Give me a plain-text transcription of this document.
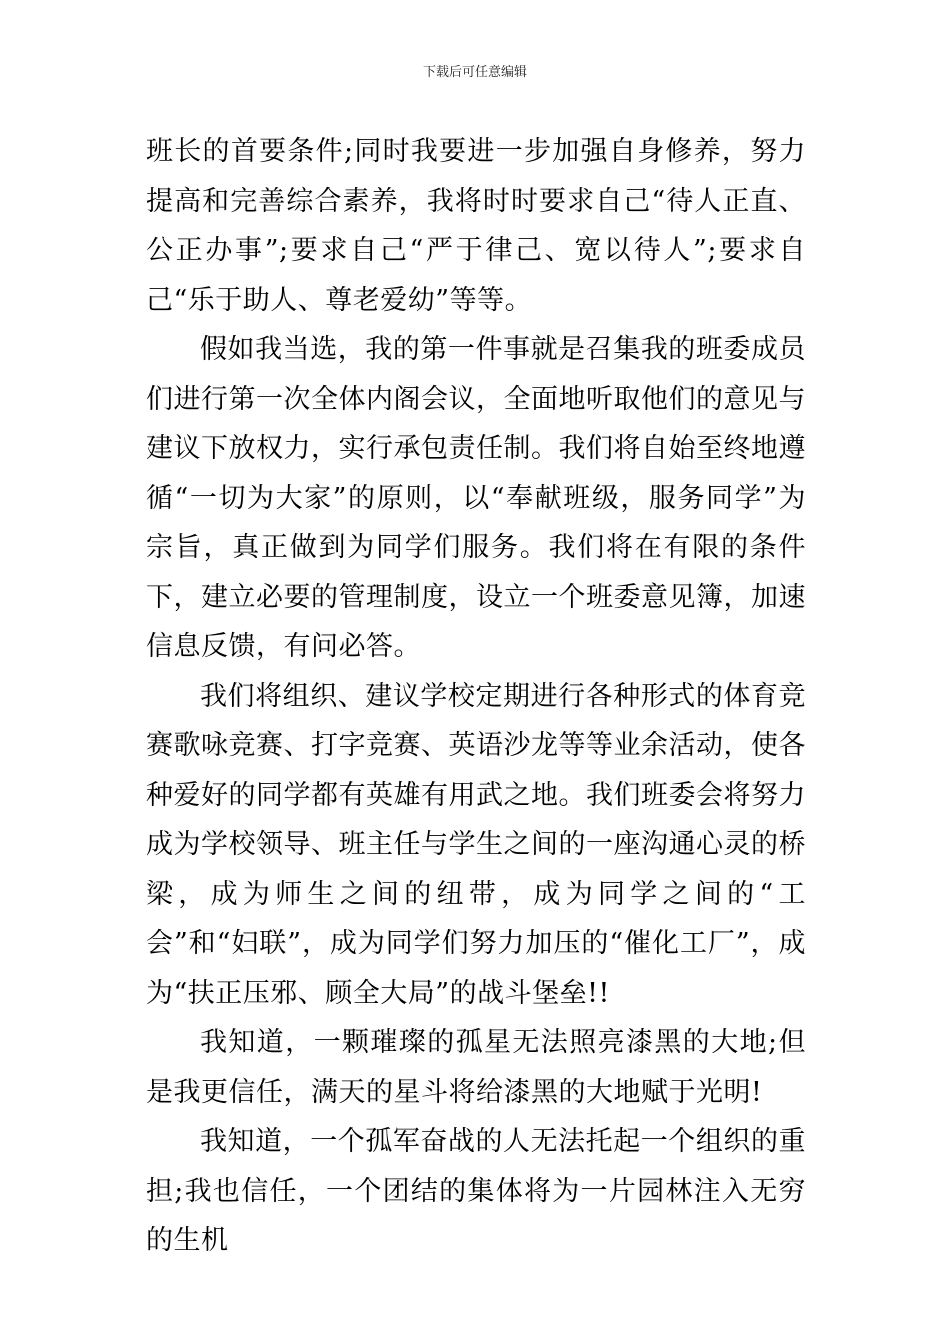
下载后可任意编辑

班长的首要条件;同时我要进一步加强自身修养，努力提高和完善综合素养，我将时时要求自己“待人正直、公正办事”;要求自己“严于律己、宽以待人”;要求自己“乐于助人、尊老爱幼”等等。

假如我当选，我的第一件事就是召集我的班委成员们进行第一次全体内阁会议，全面地听取他们的意见与建议下放权力，实行承包责任制。我们将自始至终地遵循“一切为大家”的原则，以“奉献班级，服务同学”为宗旨，真正做到为同学们服务。我们将在有限的条件下，建立必要的管理制度，设立一个班委意见簿，加速信息反馈，有问必答。

我们将组织、建议学校定期进行各种形式的体育竞赛歌咏竞赛、打字竞赛、英语沙龙等等业余活动，使各种爱好的同学都有英雄有用武之地。我们班委会将努力成为学校领导、班主任与学生之间的一座沟通心灵的桥梁，成为师生之间的纽带，成为同学之间的“工会”和“妇联”，成为同学们努力加压的“催化工厂”，成为“扶正压邪、顾全大局”的战斗堡垒!!

我知道，一颗璀璨的孤星无法照亮漆黑的大地;但是我更信任，满天的星斗将给漆黑的大地赋于光明!

我知道，一个孤军奋战的人无法托起一个组织的重担;我也信任，一个团结的集体将为一片园林注入无穷的生机
